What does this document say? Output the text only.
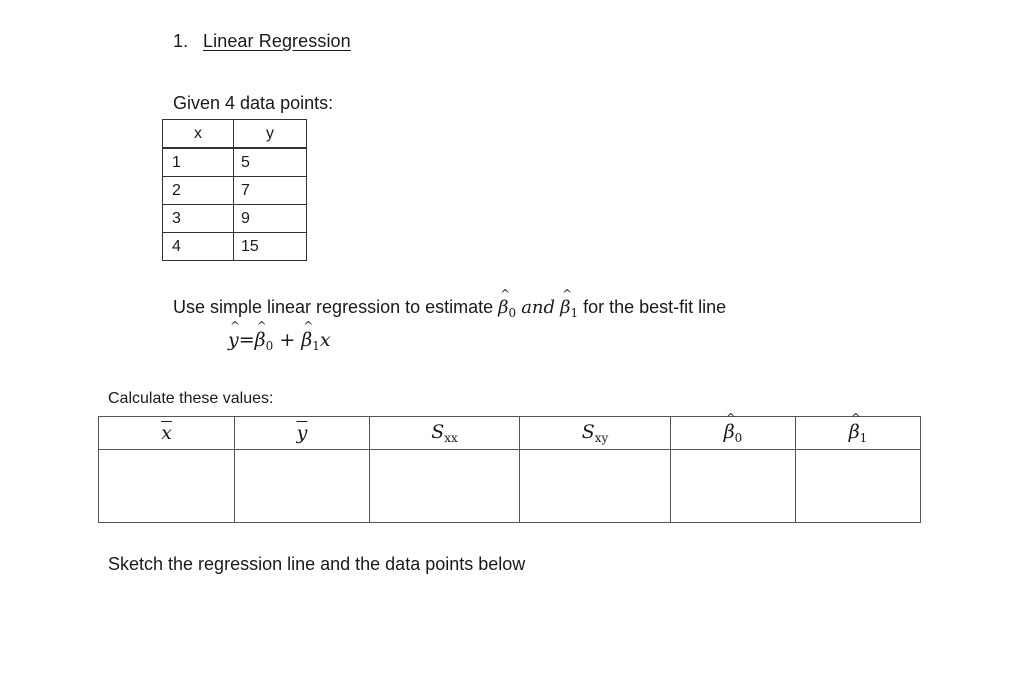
1. Linear Regression
Given 4 data points:
x	y
1	5
2	7
3	9
4	15
Use simple linear regression to estimate ^ $\beta_0$ and ^ $\beta_1$ for the best-fit line
^ y=^ $\beta_0$ + ^ $\beta_1x$
Calculate these values:
$\overline{x}$	$\overline{y}$	$S_{xx}$	$S_{xy}$	^ $\beta_0$	^ $\beta_1$

Sketch the regression line and the data points below
